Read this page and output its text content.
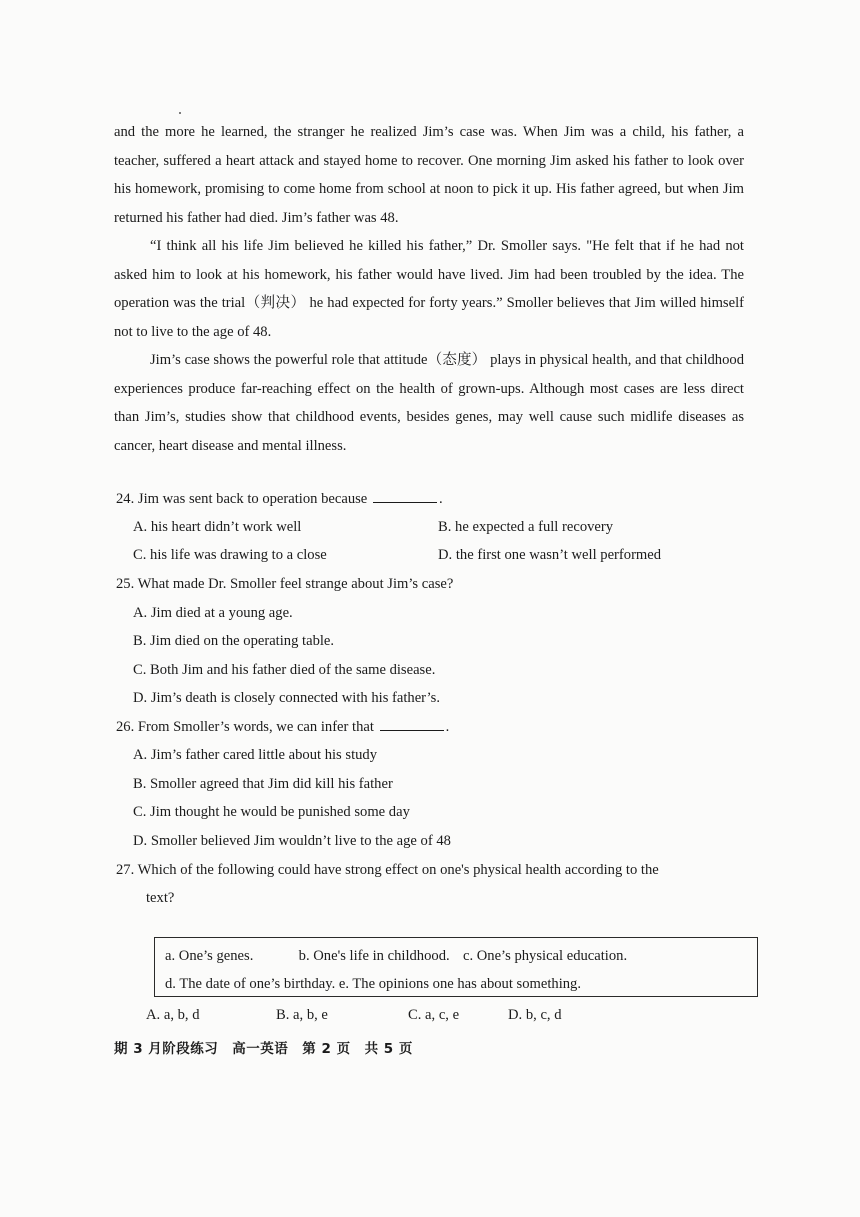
and the more he learned, the stranger he realized Jim’s case was. When Jim was a child, his father, a teacher, suffered a heart attack and stayed home to recover. One morning Jim asked his father to look over his homework, promising to come home from school at noon to pick it up. His father agreed, but when Jim returned his father had died. Jim’s father was 48.
“I think all his life Jim believed he killed his father,” Dr. Smoller says. "He felt that if he had not asked him to look at his homework, his father would have lived. Jim had been troubled by the idea. The operation was the trial（判决） he had expected for forty years.” Smoller believes that Jim willed himself not to live to the age of 48.
Jim’s case shows the powerful role that attitude（态度） plays in physical health, and that childhood experiences produce far-reaching effect on the health of grown-ups. Although most cases are less direct than Jim’s, studies show that childhood events, besides genes, may well cause such midlife diseases as cancer, heart disease and mental illness.
24. Jim was sent back to operation because	.
A. his heart didn’t work well	B. he expected a full recovery
C. his life was drawing to a close	D. the first one wasn’t well performed
25. What made Dr. Smoller feel strange about Jim’s case?
A. Jim died at a young age.
B. Jim died on the operating table.
C. Both Jim and his father died of the same disease.
D. Jim’s death is closely connected with his father’s.
26. From Smoller’s words, we can infer that	.
A. Jim’s father cared little about his study
B. Smoller agreed that Jim did kill his father
C. Jim thought he would be punished some day
D. Smoller believed Jim wouldn’t live to the age of 48
27. Which of the following could have strong effect on one's physical health according to the
text?
a. One’s genes.	b. One's life in childhood. c. One’s physical education.
d. The date of one’s birthday. e. The opinions one has about something.
A. a, b, d	B. a, b, e	C. a, c, e	D. b, c, d
期 3 月阶段练习　高一英语　第 2 页　共 5 页
